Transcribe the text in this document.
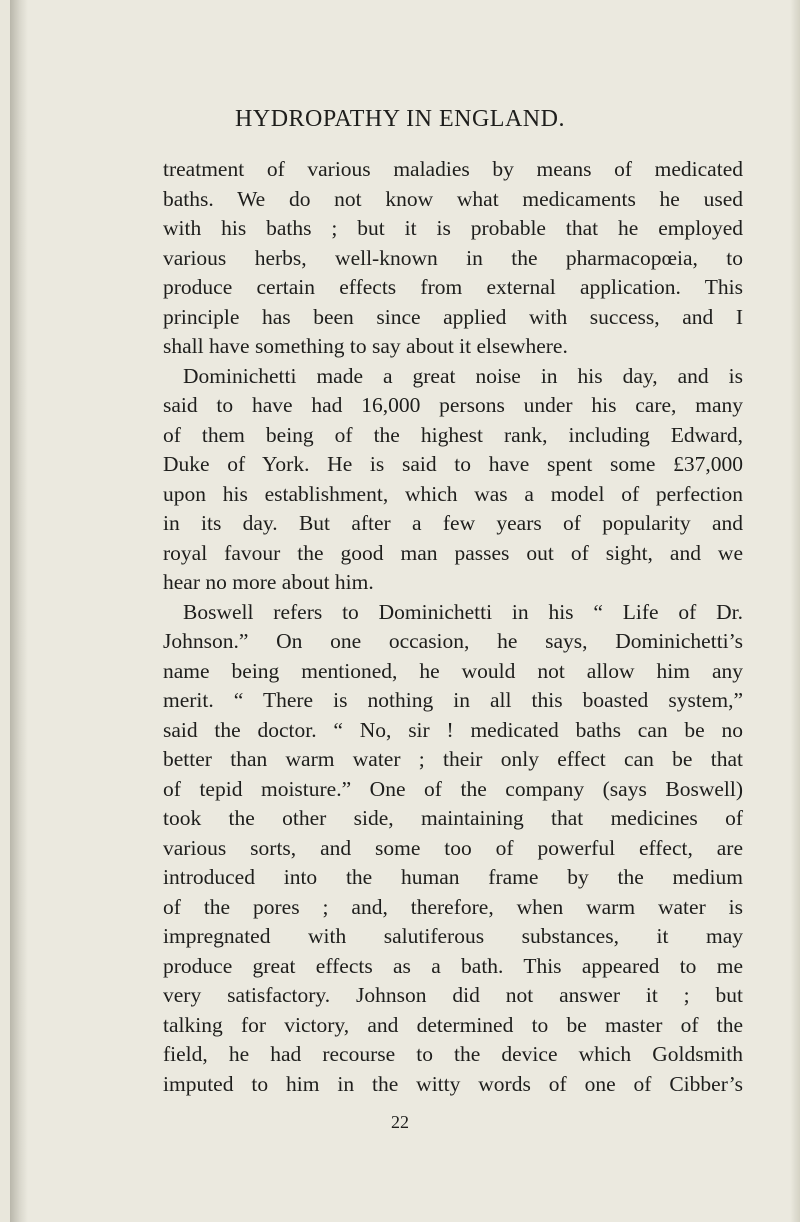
HYDROPATHY IN ENGLAND.
treatment of various maladies by means of medicated
baths. We do not know what medicaments he used
with his baths ; but it is probable that he employed
various herbs, well-known in the pharmacopœia, to
produce certain effects from external application. This
principle has been since applied with success, and I
shall have something to say about it elsewhere.
Dominichetti made a great noise in his day, and is
said to have had 16,000 persons under his care, many
of them being of the highest rank, including Edward,
Duke of York. He is said to have spent some £37,000
upon his establishment, which was a model of perfection
in its day. But after a few years of popularity and
royal favour the good man passes out of sight, and we
hear no more about him.
Boswell refers to Dominichetti in his “ Life of Dr.
Johnson.” On one occasion, he says, Dominichetti’s
name being mentioned, he would not allow him any
merit. “ There is nothing in all this boasted system,”
said the doctor. “ No, sir ! medicated baths can be no
better than warm water ; their only effect can be that
of tepid moisture.” One of the company (says Boswell)
took the other side, maintaining that medicines of
various sorts, and some too of powerful effect, are
introduced into the human frame by the medium
of the pores ; and, therefore, when warm water is
impregnated with salutiferous substances, it may
produce great effects as a bath. This appeared to me
very satisfactory. Johnson did not answer it ; but
talking for victory, and determined to be master of the
field, he had recourse to the device which Goldsmith
imputed to him in the witty words of one of Cibber’s
22
